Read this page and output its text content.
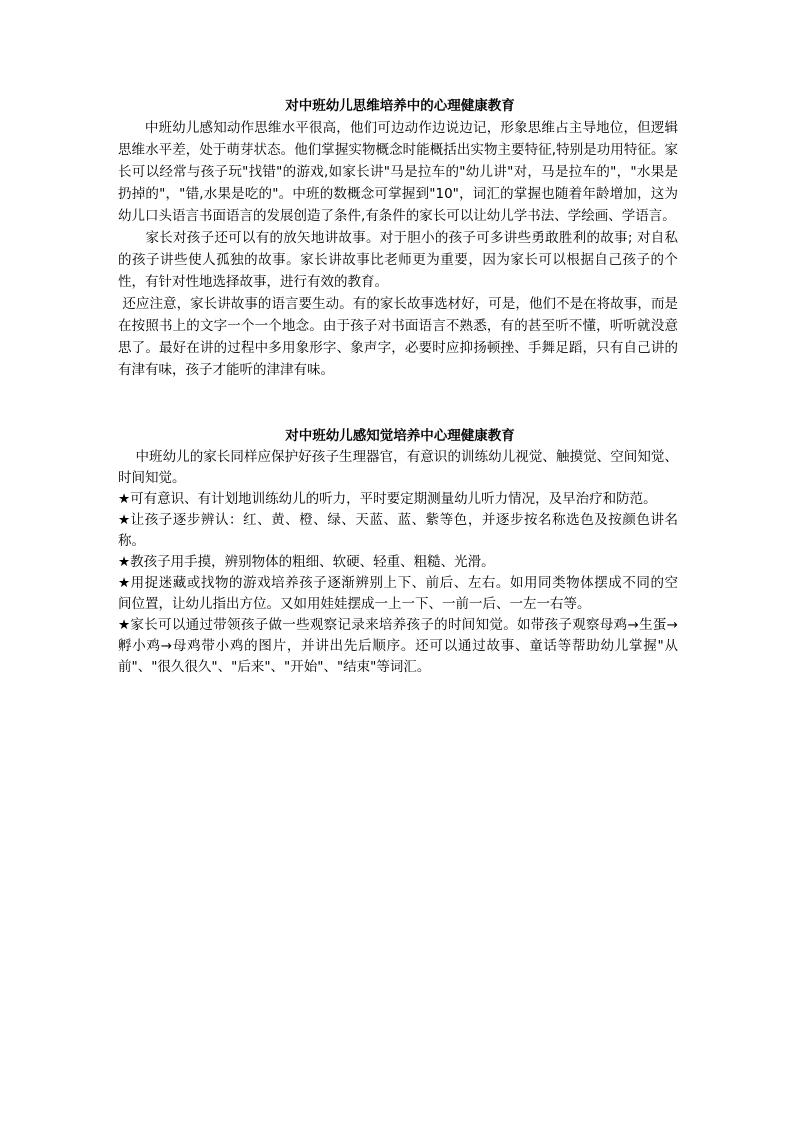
对中班幼儿思维培养中的心理健康教育

中班幼儿感知动作思维水平很高，他们可边动作边说边记，形象思维占主导地位，但逻辑思维水平差，处于萌芽状态。他们掌握实物概念时能概括出实物主要特征,特别是功用特征。家长可以经常与孩子玩"找错"的游戏,如家长讲"马是拉车的"幼儿讲"对，马是拉车的"，"水果是扔掉的"，"错,水果是吃的"。中班的数概念可掌握到"10"，词汇的掌握也随着年龄增加，这为幼儿口头语言书面语言的发展创造了条件,有条件的家长可以让幼儿学书法、学绘画、学语言。

家长对孩子还可以有的放矢地讲故事。对于胆小的孩子可多讲些勇敢胜利的故事; 对自私的孩子讲些使人孤独的故事。家长讲故事比老师更为重要，因为家长可以根据自己孩子的个性，有针对性地选择故事，进行有效的教育。

还应注意，家长讲故事的语言要生动。有的家长故事选材好，可是，他们不是在将故事，而是在按照书上的文字一个一个地念。由于孩子对书面语言不熟悉，有的甚至听不懂，听听就没意思了。最好在讲的过程中多用象形字、象声字，必要时应抑扬顿挫、手舞足蹈，只有自己讲的有津有味，孩子才能听的津津有味。

对中班幼儿感知觉培养中心理健康教育

中班幼儿的家长同样应保护好孩子生理器官，有意识的训练幼儿视觉、触摸觉、空间知觉、时间知觉。

★可有意识、有计划地训练幼儿的听力，平时要定期测量幼儿听力情况，及早治疗和防范。

★让孩子逐步辨认：红、黄、橙、绿、天蓝、蓝、紫等色，并逐步按名称选色及按颜色讲名称。

★教孩子用手摸，辨别物体的粗细、软硬、轻重、粗糙、光滑。

★用捉迷藏或找物的游戏培养孩子逐渐辨别上下、前后、左右。如用同类物体摆成不同的空   间位置，让幼儿指出方位。又如用娃娃摆成一上一下、一前一后、一左一右等。

★家长可以通过带领孩子做一些观察记录来培养孩子的时间知觉。如带孩子观察母鸡→生蛋→孵小鸡→母鸡带小鸡的图片，并讲出先后顺序。还可以通过故事、童话等帮助幼儿掌握"从前"、"很久很久"、"后来"、"开始"、"结束"等词汇。
